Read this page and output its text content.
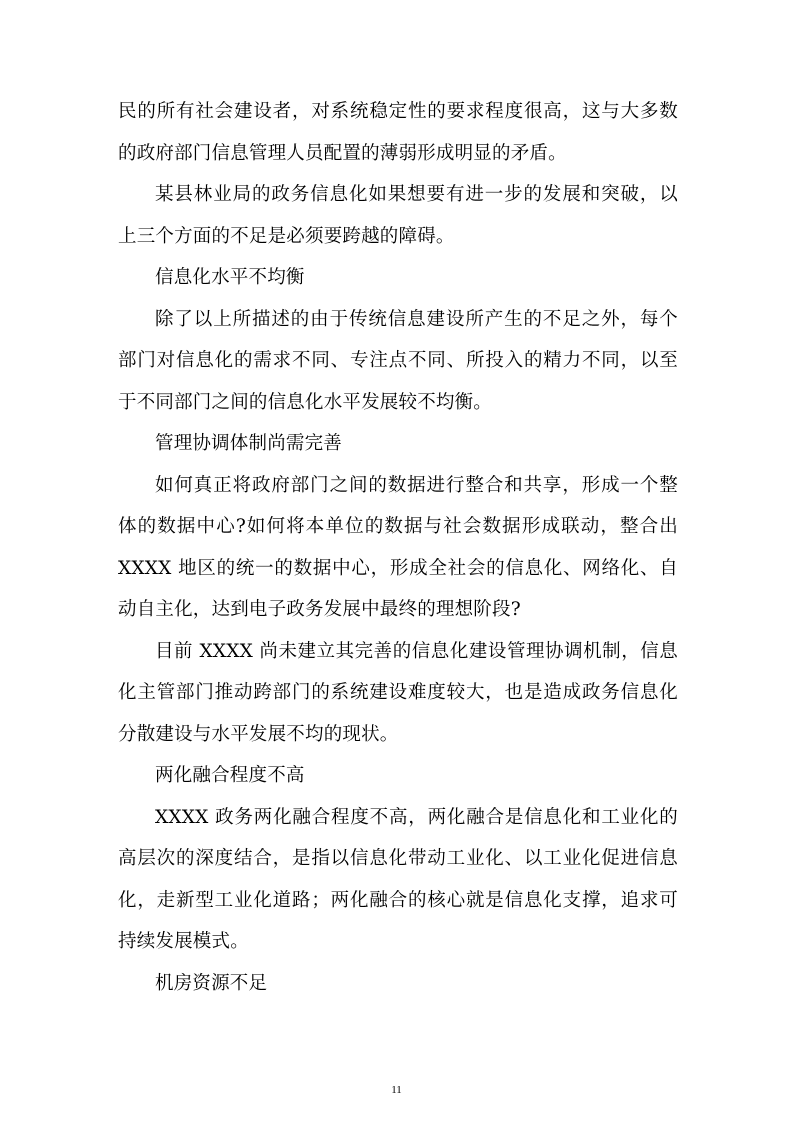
民的所有社会建设者，对系统稳定性的要求程度很高，这与大多数的政府部门信息管理人员配置的薄弱形成明显的矛盾。

某县林业局的政务信息化如果想要有进一步的发展和突破，以上三个方面的不足是必须要跨越的障碍。

信息化水平不均衡

除了以上所描述的由于传统信息建设所产生的不足之外，每个部门对信息化的需求不同、专注点不同、所投入的精力不同，以至于不同部门之间的信息化水平发展较不均衡。

管理协调体制尚需完善

如何真正将政府部门之间的数据进行整合和共享，形成一个整体的数据中心?如何将本单位的数据与社会数据形成联动，整合出 XXXX 地区的统一的数据中心，形成全社会的信息化、网络化、自动自主化，达到电子政务发展中最终的理想阶段?

目前 XXXX 尚未建立其完善的信息化建设管理协调机制，信息化主管部门推动跨部门的系统建设难度较大，也是造成政务信息化分散建设与水平发展不均的现状。

两化融合程度不高

XXXX 政务两化融合程度不高，两化融合是信息化和工业化的高层次的深度结合，是指以信息化带动工业化、以工业化促进信息化，走新型工业化道路；两化融合的核心就是信息化支撑，追求可持续发展模式。

机房资源不足

11
